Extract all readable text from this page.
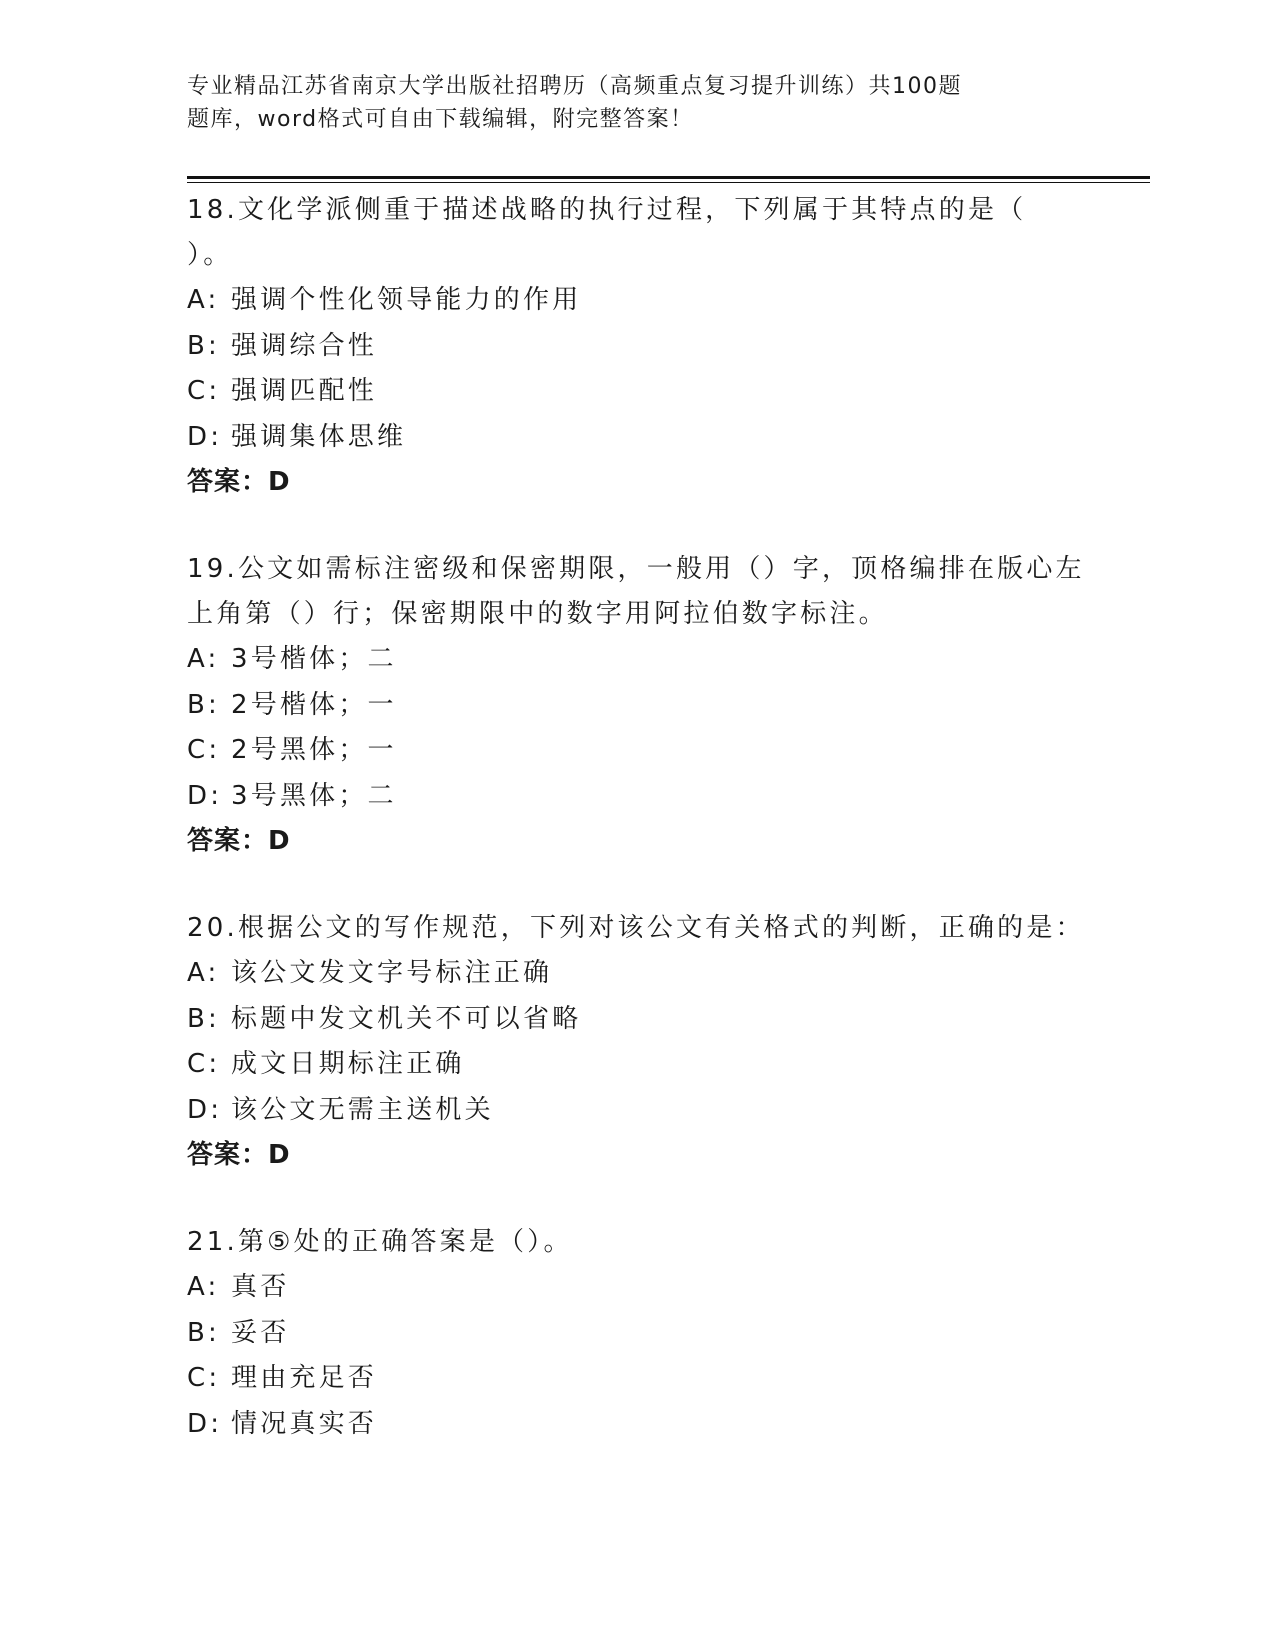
专业精品江苏省南京大学出版社招聘历（高频重点复习提升训练）共100题
题库，word格式可自由下载编辑，附完整答案！

18.文化学派侧重于描述战略的执行过程，下列属于其特点的是（
）。

A: 强调个性化领导能力的作用
B: 强调综合性
C: 强调匹配性
D: 强调集体思维
答案：D

19.公文如需标注密级和保密期限，一般用（）字，顶格编排在版心左
上角第（）行；保密期限中的数字用阿拉伯数字标注。

A: 3号楷体；二
B: 2号楷体；一
C: 2号黑体；一
D: 3号黑体；二
答案：D

20.根据公文的写作规范，下列对该公文有关格式的判断，正确的是：

A: 该公文发文字号标注正确
B: 标题中发文机关不可以省略
C: 成文日期标注正确
D: 该公文无需主送机关
答案：D

21.第⑤处的正确答案是（）。

A: 真否
B: 妥否
C: 理由充足否
D: 情况真实否
